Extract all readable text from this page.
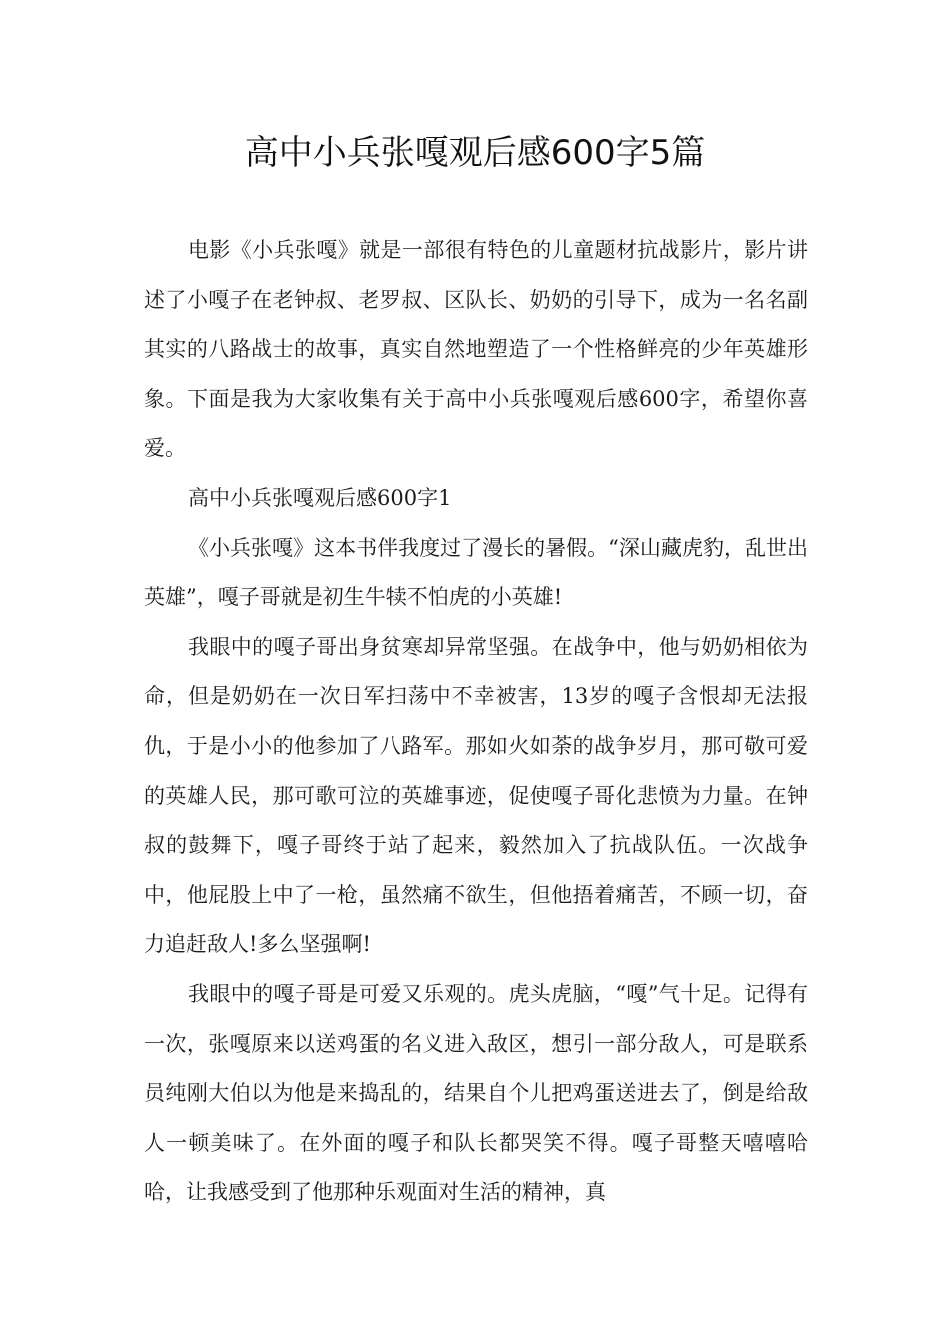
高中小兵张嘎观后感600字5篇

电影《小兵张嘎》就是一部很有特色的儿童题材抗战影片，影片讲述了小嘎子在老钟叔、老罗叔、区队长、奶奶的引导下，成为一名名副其实的八路战士的故事，真实自然地塑造了一个性格鲜亮的少年英雄形象。下面是我为大家收集有关于高中小兵张嘎观后感600字，希望你喜爱。

高中小兵张嘎观后感600字1

《小兵张嘎》这本书伴我度过了漫长的暑假。“深山藏虎豹，乱世出英雄”，嘎子哥就是初生牛犊不怕虎的小英雄!

我眼中的嘎子哥出身贫寒却异常坚强。在战争中，他与奶奶相依为命，但是奶奶在一次日军扫荡中不幸被害，13岁的嘎子含恨却无法报仇，于是小小的他参加了八路军。那如火如荼的战争岁月，那可敬可爱的英雄人民，那可歌可泣的英雄事迹，促使嘎子哥化悲愤为力量。在钟叔的鼓舞下，嘎子哥终于站了起来，毅然加入了抗战队伍。一次战争中，他屁股上中了一枪，虽然痛不欲生，但他捂着痛苦，不顾一切，奋力追赶敌人!多么坚强啊!

我眼中的嘎子哥是可爱又乐观的。虎头虎脑，“嘎”气十足。记得有一次，张嘎原来以送鸡蛋的名义进入敌区，想引一部分敌人，可是联系员纯刚大伯以为他是来捣乱的，结果自个儿把鸡蛋送进去了，倒是给敌人一顿美味了。在外面的嘎子和队长都哭笑不得。嘎子哥整天嘻嘻哈哈，让我感受到了他那种乐观面对生活的精神，真
